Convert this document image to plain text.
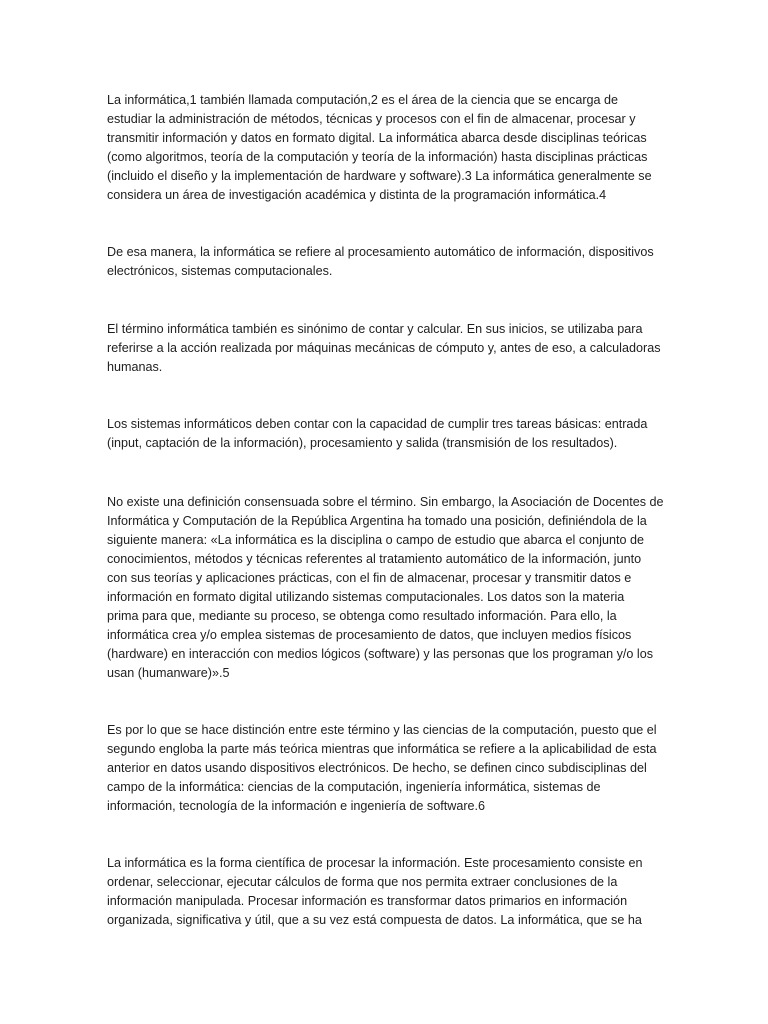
La informática,1 también llamada computación,2 es el área de la ciencia que se encarga de
estudiar la administración de métodos, técnicas y procesos con el fin de almacenar, procesar y
transmitir información y datos en formato digital. La informática abarca desde disciplinas teóricas
(como algoritmos, teoría de la computación y teoría de la información) hasta disciplinas prácticas
(incluido el diseño y la implementación de hardware y software).3 La informática generalmente se
considera un área de investigación académica y distinta de la programación informática.4
De esa manera, la informática se refiere al procesamiento automático de información, dispositivos
electrónicos, sistemas computacionales.
El término informática también es sinónimo de contar y calcular. En sus inicios, se utilizaba para
referirse a la acción realizada por máquinas mecánicas de cómputo y, antes de eso, a calculadoras
humanas.
Los sistemas informáticos deben contar con la capacidad de cumplir tres tareas básicas: entrada
(input, captación de la información), procesamiento y salida (transmisión de los resultados).
No existe una definición consensuada sobre el término. Sin embargo, la Asociación de Docentes de
Informática y Computación de la República Argentina ha tomado una posición, definiéndola de la
siguiente manera: «La informática es la disciplina o campo de estudio que abarca el conjunto de
conocimientos, métodos y técnicas referentes al tratamiento automático de la información, junto
con sus teorías y aplicaciones prácticas, con el fin de almacenar, procesar y transmitir datos e
información en formato digital utilizando sistemas computacionales. Los datos son la materia
prima para que, mediante su proceso, se obtenga como resultado información. Para ello, la
informática crea y/o emplea sistemas de procesamiento de datos, que incluyen medios físicos
(hardware) en interacción con medios lógicos (software) y las personas que los programan y/o los
usan (humanware)».5
Es por lo que se hace distinción entre este término y las ciencias de la computación, puesto que el
segundo engloba la parte más teórica mientras que informática se refiere a la aplicabilidad de esta
anterior en datos usando dispositivos electrónicos. De hecho, se definen cinco subdisciplinas del
campo de la informática: ciencias de la computación, ingeniería informática, sistemas de
información, tecnología de la información e ingeniería de software.6
La informática es la forma científica de procesar la información. Este procesamiento consiste en
ordenar, seleccionar, ejecutar cálculos de forma que nos permita extraer conclusiones de la
información manipulada. Procesar información es transformar datos primarios en información
organizada, significativa y útil, que a su vez está compuesta de datos. La informática, que se ha
